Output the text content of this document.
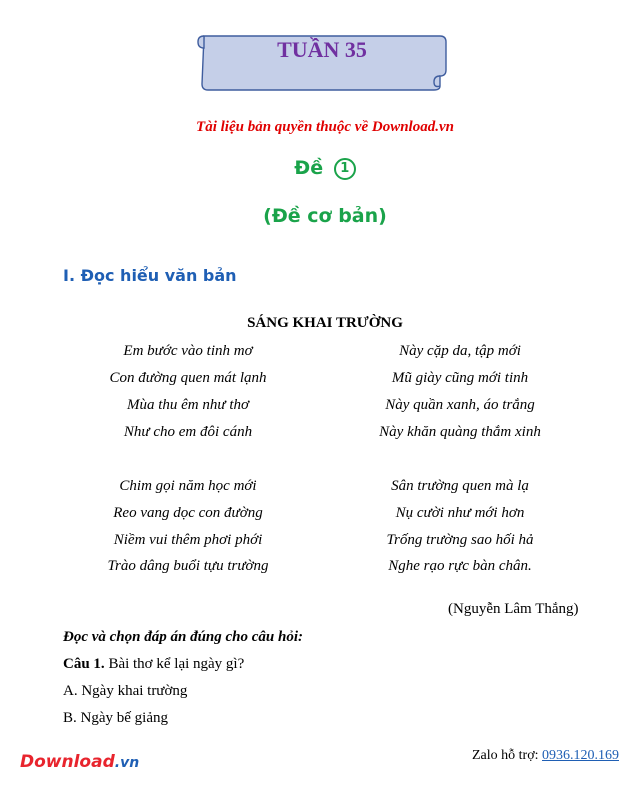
TUẦN 35
Tài liệu bản quyền thuộc về Download.vn
Đề 1
(Đề cơ bản)
I. Đọc hiểu văn bản
SÁNG KHAI TRƯỜNG
Em bước vào tinh mơ
Con đường quen mát lạnh
Mùa thu êm như thơ
Như cho em đôi cánh
Chim gọi năm học mới
Reo vang dọc con đường
Niềm vui thêm phơi phới
Trào dâng buổi tựu trường
Này cặp da, tập mới
Mũ giày cũng mới tinh
Này quần xanh, áo trắng
Này khăn quàng thắm xinh
Sân trường quen mà lạ
Nụ cười như mới hơn
Trống trường sao hối hả
Nghe rạo rực bàn chân.
(Nguyễn Lâm Thắng)
Đọc và chọn đáp án đúng cho câu hỏi:
Câu 1. Bài thơ kể lại ngày gì?
A. Ngày khai trường
B. Ngày bế giảng
Download.vn	Zalo hỗ trợ: 0936.120.169
